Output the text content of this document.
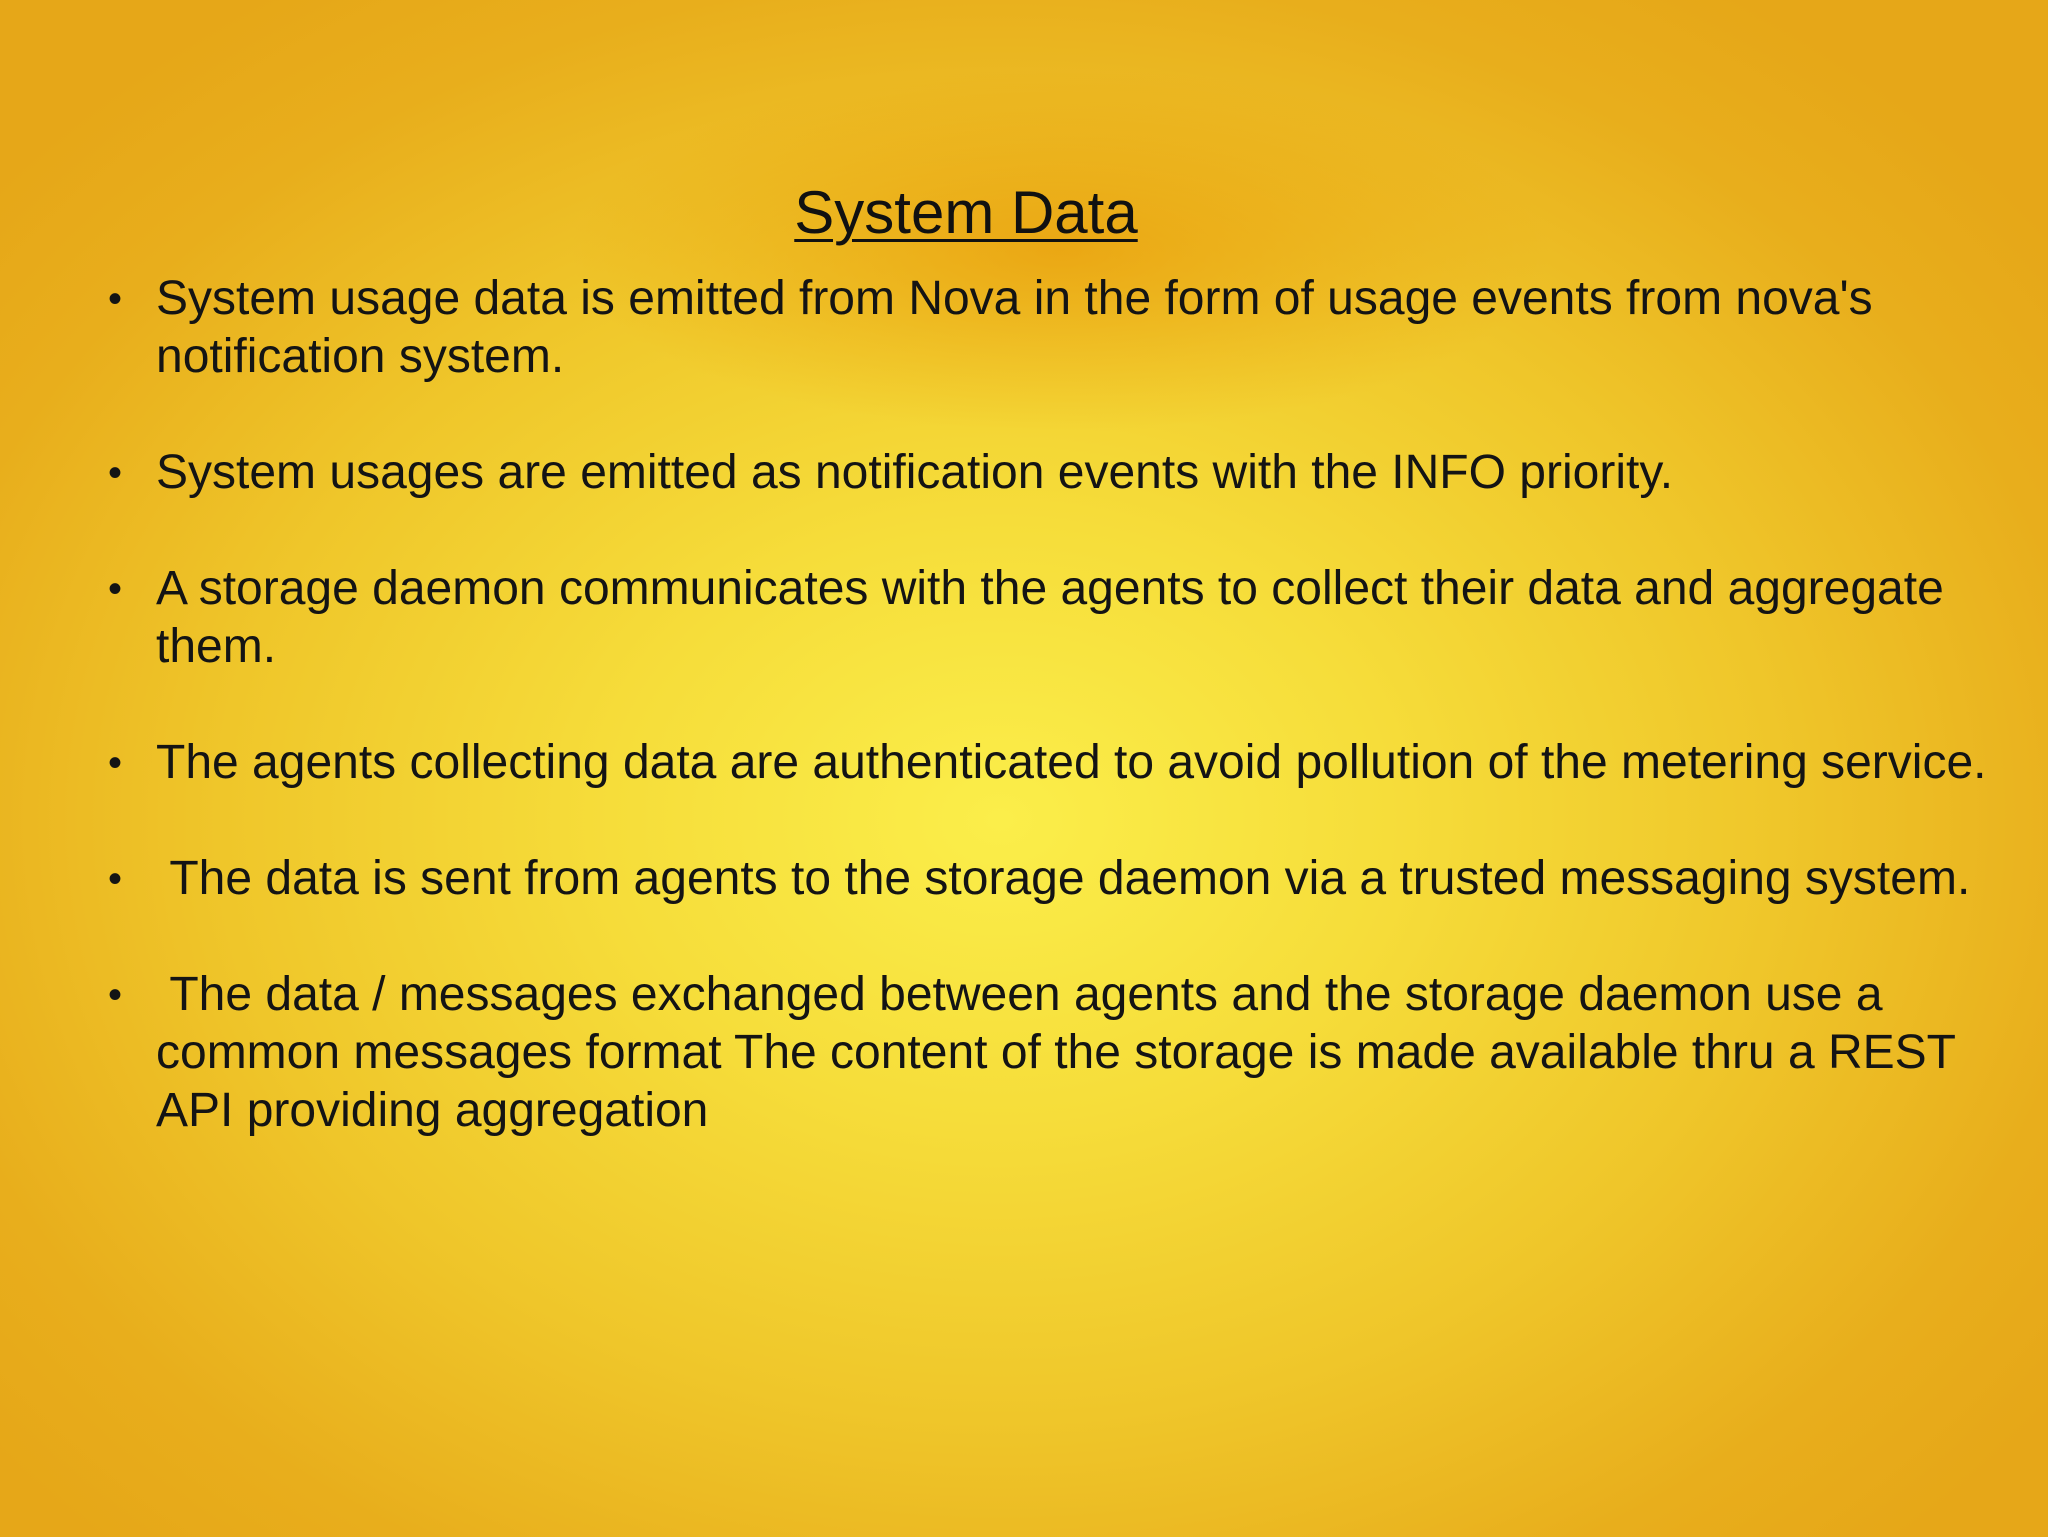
System Data
• System usage data is emitted from Nova in the form of usage events from nova's notification system.
• System usages are emitted as notification events with the INFO priority.
• A storage daemon communicates with the agents to collect their data and aggregate them.
• The agents collecting data are authenticated to avoid pollution of the metering service.
• The data is sent from agents to the storage daemon via a trusted messaging system.
• The data / messages exchanged between agents and the storage daemon use a common messages format The content of the storage is made available thru a REST API providing aggregation
